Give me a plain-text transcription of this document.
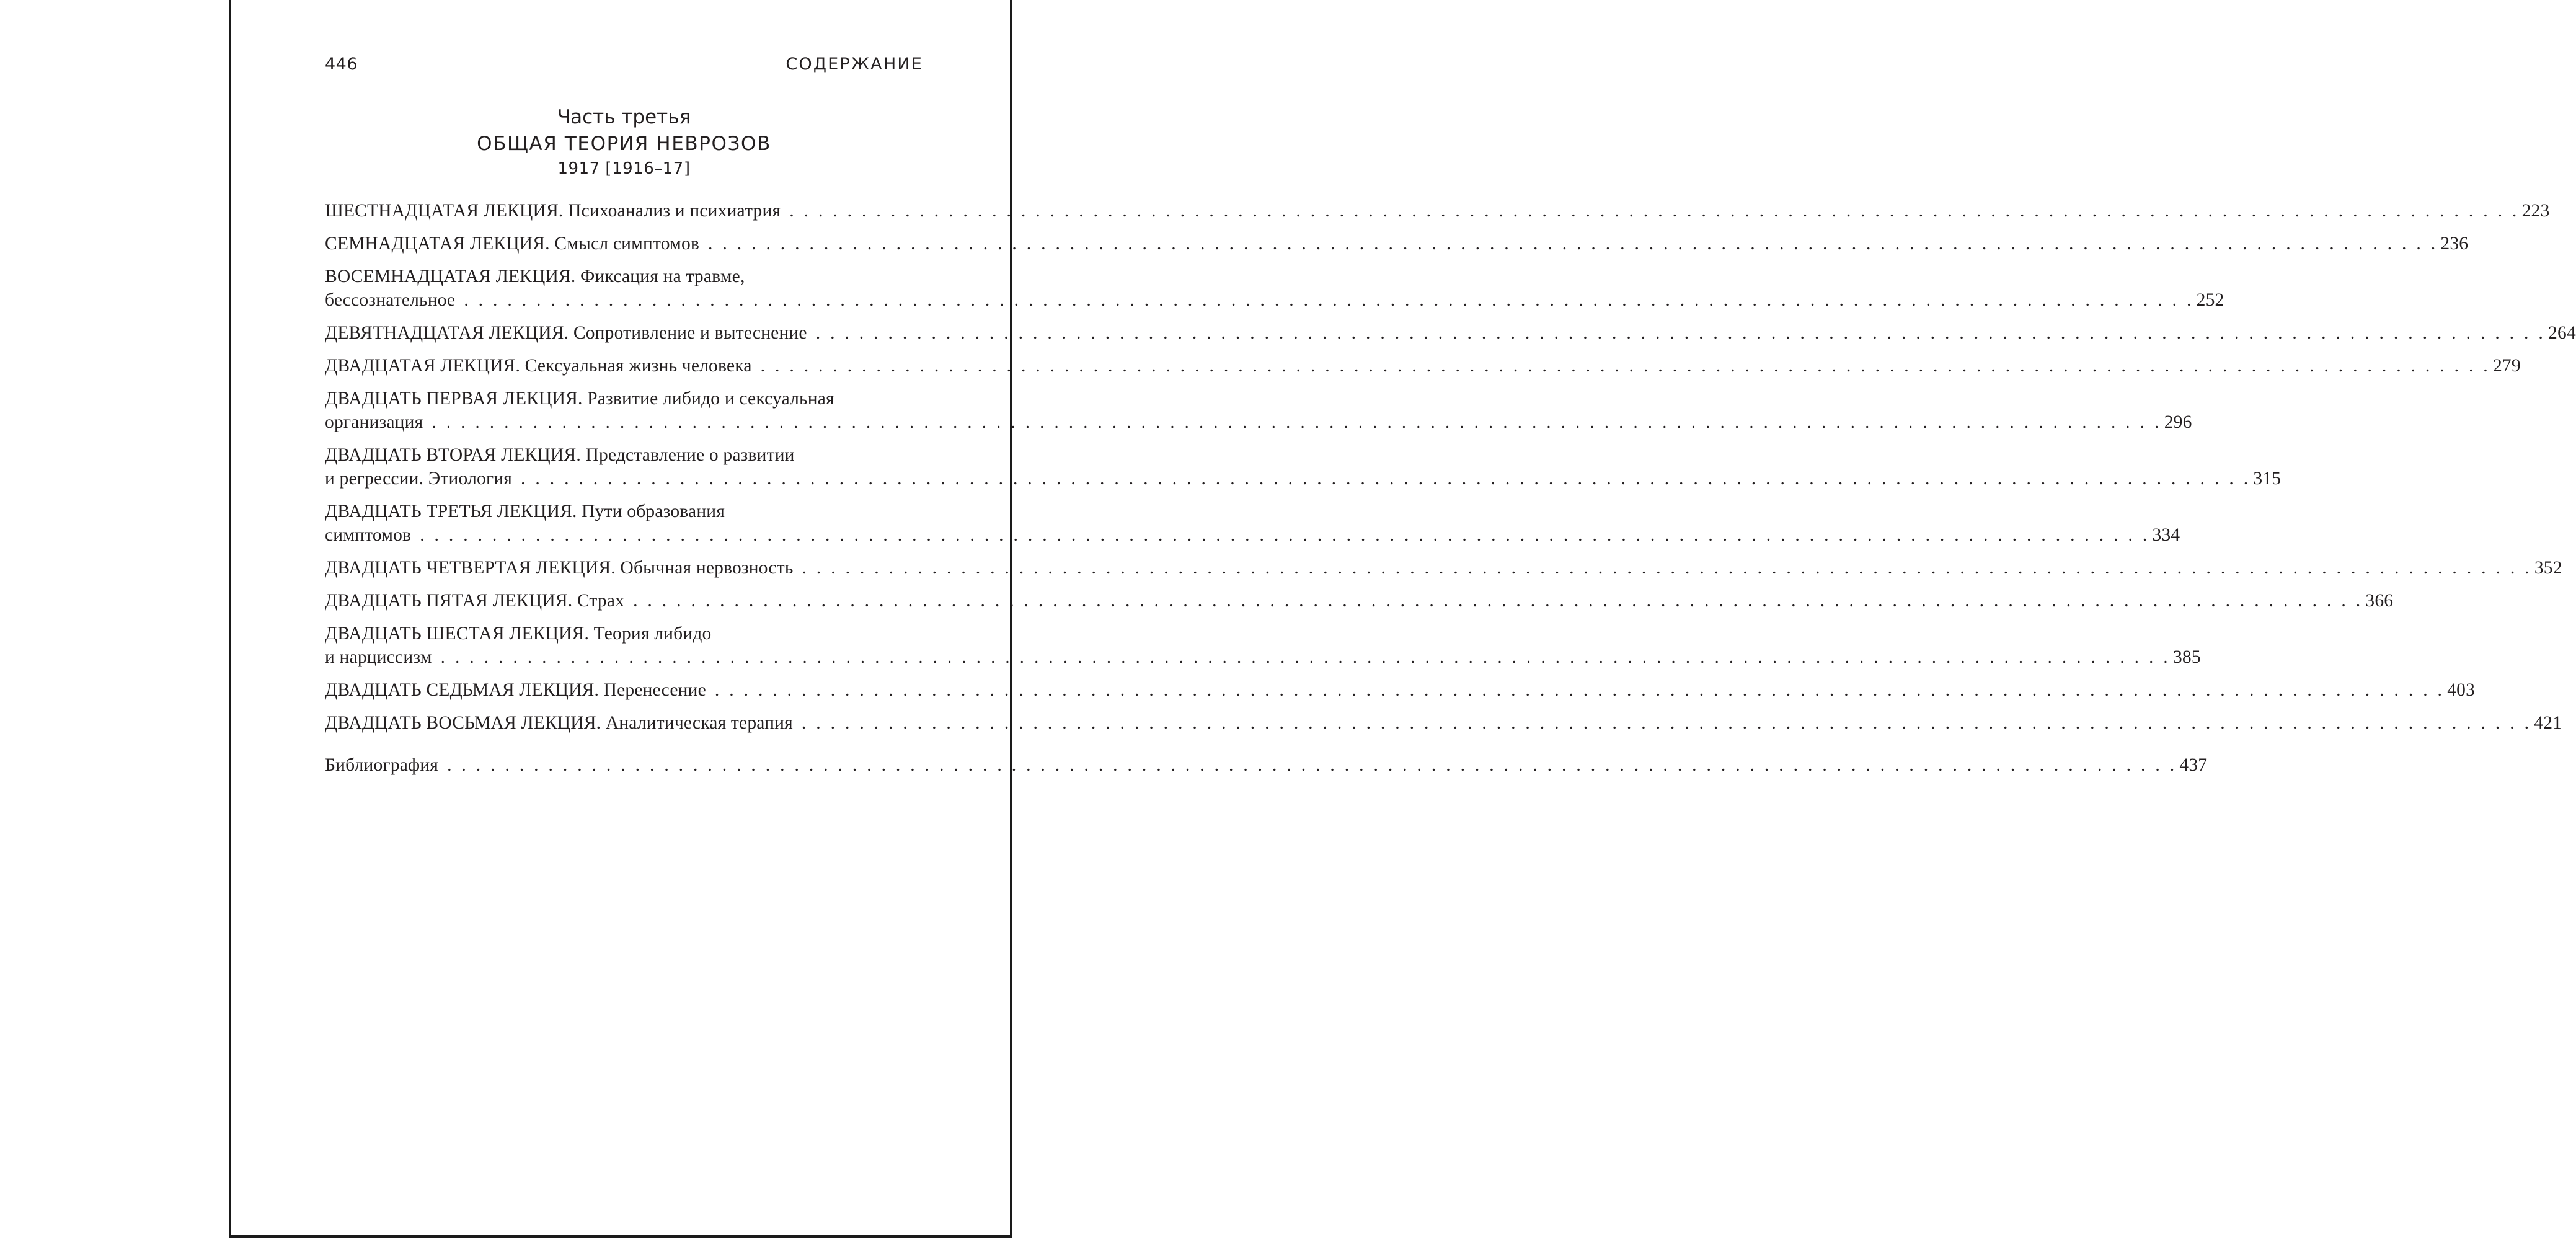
446	СОДЕРЖАНИЕ
Часть третья
ОБЩАЯ ТЕОРИЯ НЕВРОЗОВ
1917 [1916–17]
ШЕСТНАДЦАТАЯ ЛЕКЦИЯ. Психоанализ и психиатрия . . . . . . . . . . . . . . . . . . . . . . . . . . . . . . . . . . . . . . . . . . . . . . . . . . . . . . . . . . . . . . . . . . . . . . . . . . . . . . . . . . . . . . . . . . . . . . . . . . . . . . . . . . . . . . . . . . . . . . . . 223
СЕМНАДЦАТАЯ ЛЕКЦИЯ. Смысл симптомов . . . . . . . . . . . . . . . . . . . . . . . . . . . . . . . . . . . . . . . . . . . . . . . . . . . . . . . . . . . . . . . . . . . . . . . . . . . . . . . . . . . . . . . . . . . . . . . . . . . . . . . . . . . . . . . . . . . . . . . . 236
ВОСЕМНАДЦАТАЯ ЛЕКЦИЯ. Фиксация на травме,
бессознательное . . . . . . . . . . . . . . . . . . . . . . . . . . . . . . . . . . . . . . . . . . . . . . . . . . . . . . . . . . . . . . . . . . . . . . . . . . . . . . . . . . . . . . . . . . . . . . . . . . . . . . . . . . . . . . . . . . . . . . . . 252
ДЕВЯТНАДЦАТАЯ ЛЕКЦИЯ. Сопротивление и вытеснение . . . . . . . . . . . . . . . . . . . . . . . . . . . . . . . . . . . . . . . . . . . . . . . . . . . . . . . . . . . . . . . . . . . . . . . . . . . . . . . . . . . . . . . . . . . . . . . . . . . . . . . . . . . . . . . . . . . . . . . . 264
ДВАДЦАТАЯ ЛЕКЦИЯ. Сексуальная жизнь человека . . . . . . . . . . . . . . . . . . . . . . . . . . . . . . . . . . . . . . . . . . . . . . . . . . . . . . . . . . . . . . . . . . . . . . . . . . . . . . . . . . . . . . . . . . . . . . . . . . . . . . . . . . . . . . . . . . . . . . . . 279
ДВАДЦАТЬ ПЕРВАЯ ЛЕКЦИЯ. Развитие либидо и сексуальная
организация . . . . . . . . . . . . . . . . . . . . . . . . . . . . . . . . . . . . . . . . . . . . . . . . . . . . . . . . . . . . . . . . . . . . . . . . . . . . . . . . . . . . . . . . . . . . . . . . . . . . . . . . . . . . . . . . . . . . . . . . 296
ДВАДЦАТЬ ВТОРАЯ ЛЕКЦИЯ. Представление о развитии
и регрессии. Этиология . . . . . . . . . . . . . . . . . . . . . . . . . . . . . . . . . . . . . . . . . . . . . . . . . . . . . . . . . . . . . . . . . . . . . . . . . . . . . . . . . . . . . . . . . . . . . . . . . . . . . . . . . . . . . . . . . . . . . . . . 315
ДВАДЦАТЬ ТРЕТЬЯ ЛЕКЦИЯ. Пути образования
симптомов . . . . . . . . . . . . . . . . . . . . . . . . . . . . . . . . . . . . . . . . . . . . . . . . . . . . . . . . . . . . . . . . . . . . . . . . . . . . . . . . . . . . . . . . . . . . . . . . . . . . . . . . . . . . . . . . . . . . . . . . 334
ДВАДЦАТЬ ЧЕТВЕРТАЯ ЛЕКЦИЯ. Обычная нервозность . . . . . . . . . . . . . . . . . . . . . . . . . . . . . . . . . . . . . . . . . . . . . . . . . . . . . . . . . . . . . . . . . . . . . . . . . . . . . . . . . . . . . . . . . . . . . . . . . . . . . . . . . . . . . . . . . . . . . . . . 352
ДВАДЦАТЬ ПЯТАЯ ЛЕКЦИЯ. Страх . . . . . . . . . . . . . . . . . . . . . . . . . . . . . . . . . . . . . . . . . . . . . . . . . . . . . . . . . . . . . . . . . . . . . . . . . . . . . . . . . . . . . . . . . . . . . . . . . . . . . . . . . . . . . . . . . . . . . . . . 366
ДВАДЦАТЬ ШЕСТАЯ ЛЕКЦИЯ. Теория либидо
и нарциссизм . . . . . . . . . . . . . . . . . . . . . . . . . . . . . . . . . . . . . . . . . . . . . . . . . . . . . . . . . . . . . . . . . . . . . . . . . . . . . . . . . . . . . . . . . . . . . . . . . . . . . . . . . . . . . . . . . . . . . . . . 385
ДВАДЦАТЬ СЕДЬМАЯ ЛЕКЦИЯ. Перенесение . . . . . . . . . . . . . . . . . . . . . . . . . . . . . . . . . . . . . . . . . . . . . . . . . . . . . . . . . . . . . . . . . . . . . . . . . . . . . . . . . . . . . . . . . . . . . . . . . . . . . . . . . . . . . . . . . . . . . . . . 403
ДВАДЦАТЬ ВОСЬМАЯ ЛЕКЦИЯ. Аналитическая терапия . . . . . . . . . . . . . . . . . . . . . . . . . . . . . . . . . . . . . . . . . . . . . . . . . . . . . . . . . . . . . . . . . . . . . . . . . . . . . . . . . . . . . . . . . . . . . . . . . . . . . . . . . . . . . . . . . . . . . . . . 421
Библиография . . . . . . . . . . . . . . . . . . . . . . . . . . . . . . . . . . . . . . . . . . . . . . . . . . . . . . . . . . . . . . . . . . . . . . . . . . . . . . . . . . . . . . . . . . . . . . . . . . . . . . . . . . . . . . . . . . . . . . . . 437
